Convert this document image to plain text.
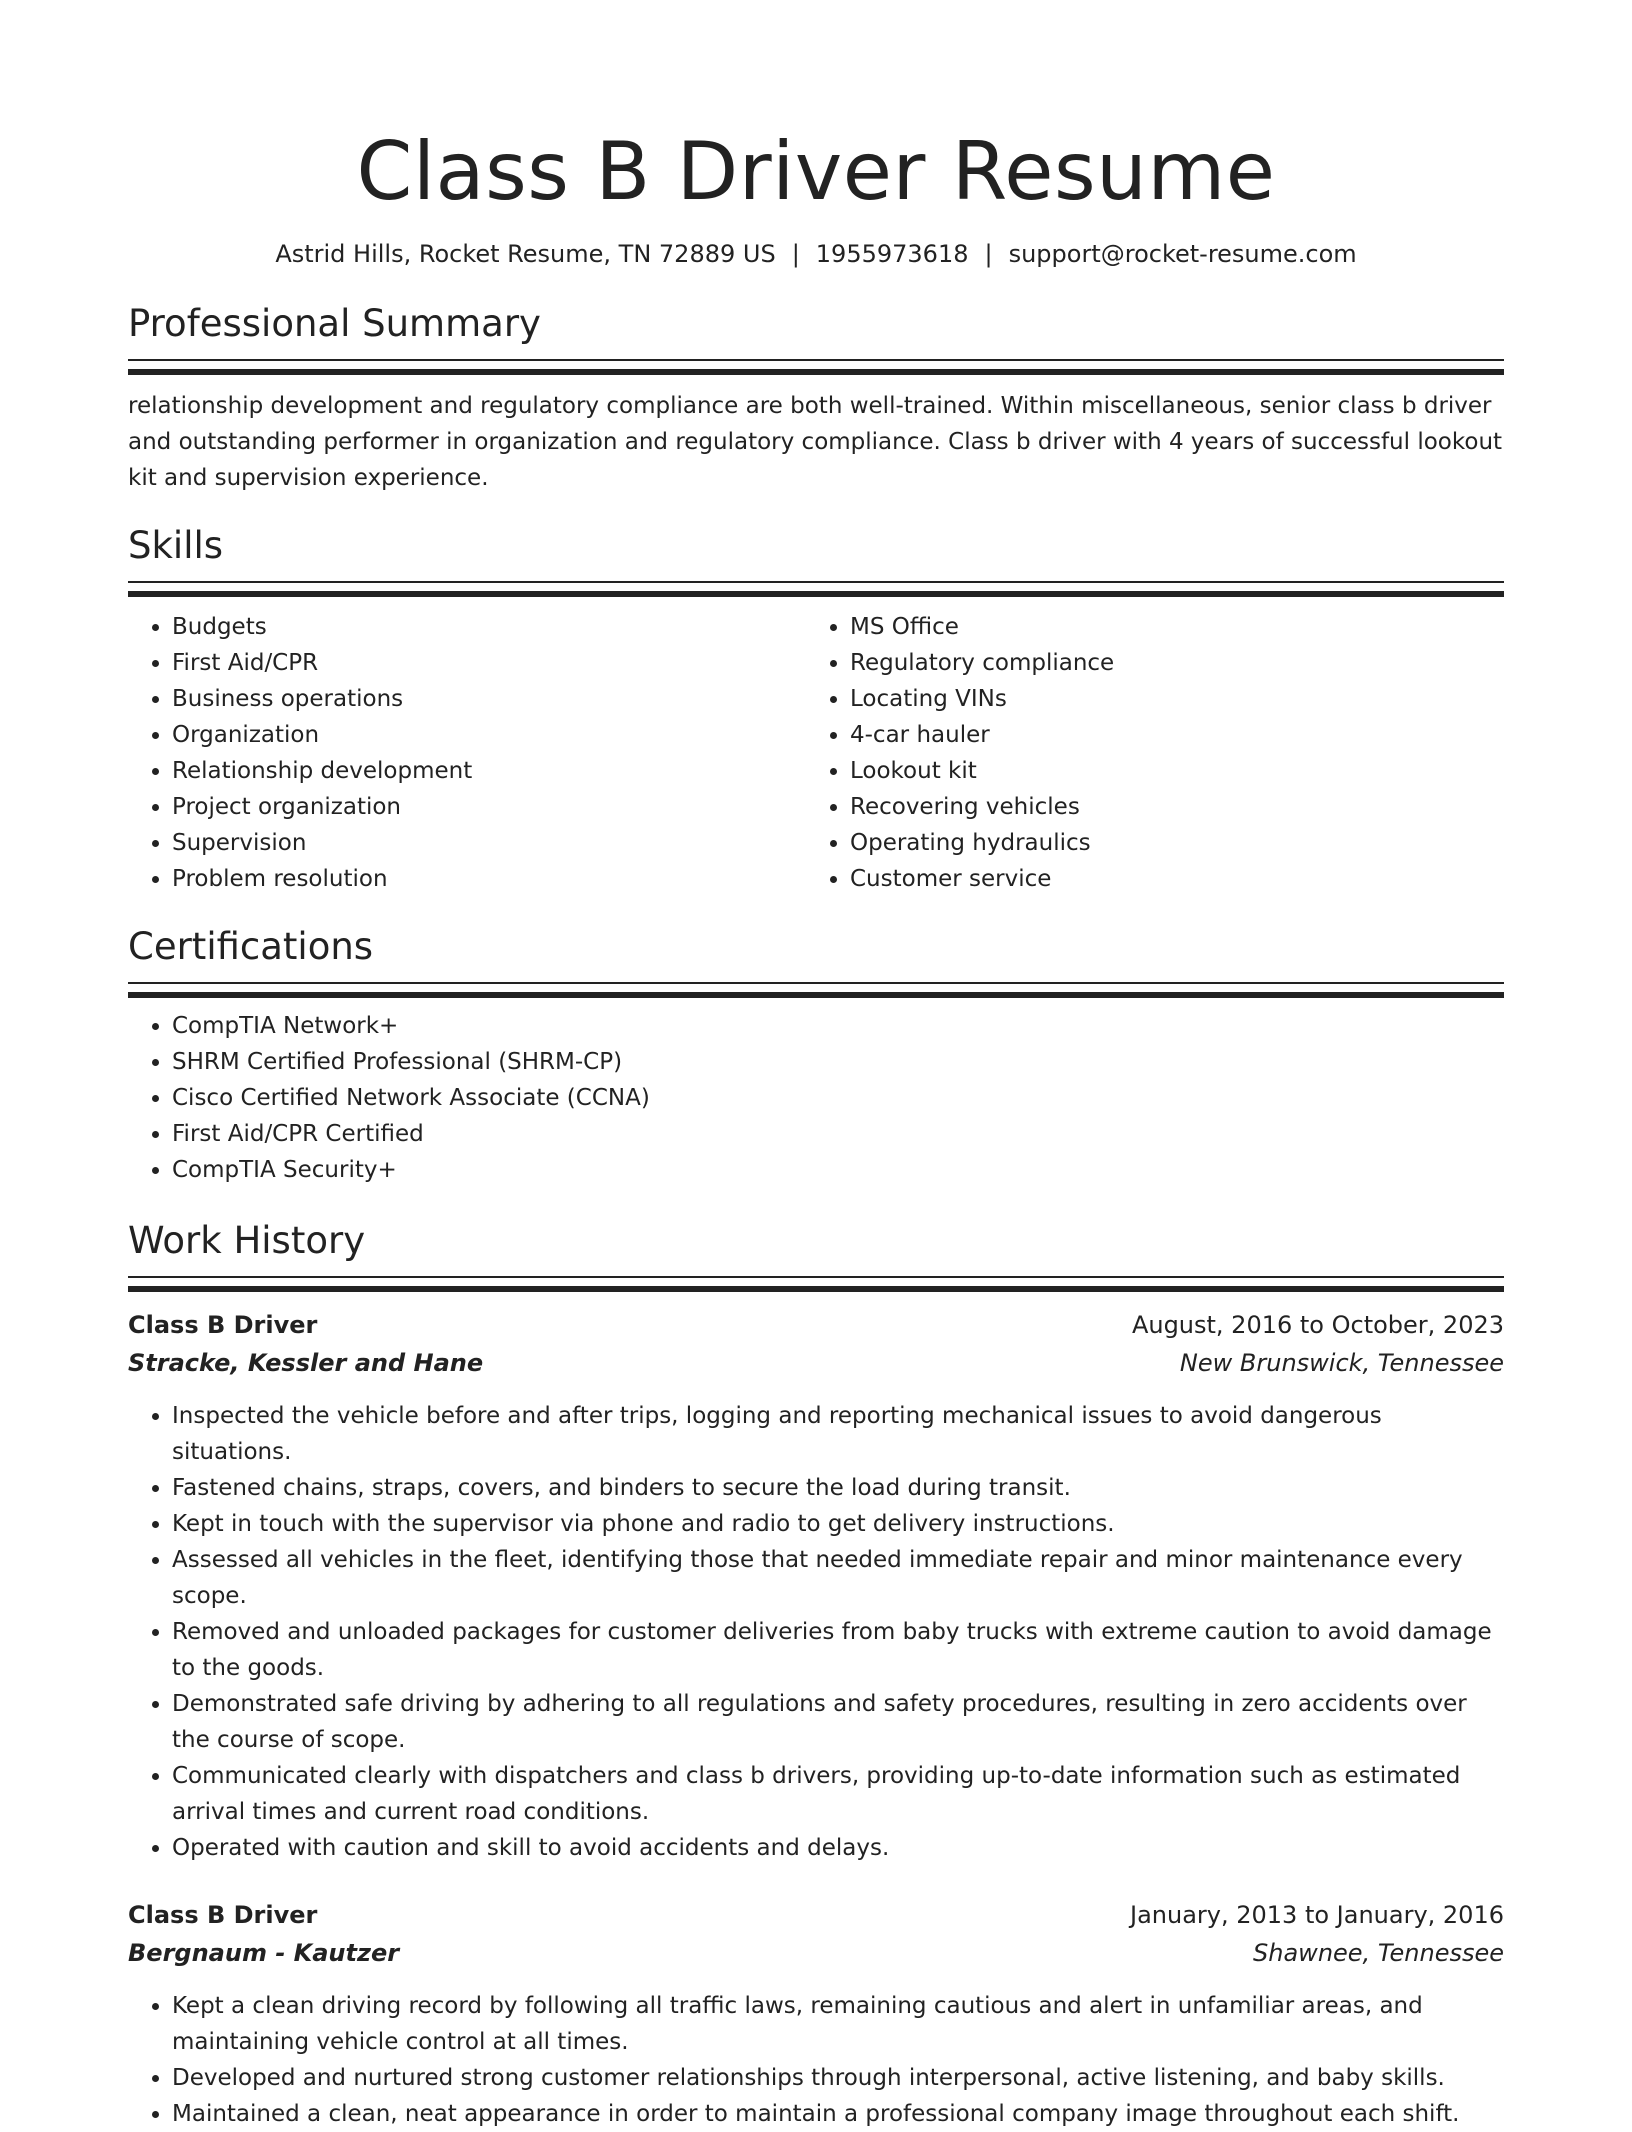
Class B Driver Resume
Astrid Hills, Rocket Resume, TN 72889 US | 1955973618 | support@rocket-resume.com
Professional Summary

relationship development and regulatory compliance are both well-trained. Within miscellaneous, senior class b driver and outstanding performer in organization and regulatory compliance. Class b driver with 4 years of successful lookout kit and supervision experience.

Skills
• Budgets
• First Aid/CPR
• Business operations
• Organization
• Relationship development
• Project organization
• Supervision
• Problem resolution
• MS Office
• Regulatory compliance
• Locating VINs
• 4-car hauler
• Lookout kit
• Recovering vehicles
• Operating hydraulics
• Customer service
Certifications
• CompTIA Network+
• SHRM Certified Professional (SHRM-CP)
• Cisco Certified Network Associate (CCNA)
• First Aid/CPR Certified
• CompTIA Security+
Work History
Class B Driver	August, 2016 to October, 2023
Stracke, Kessler and Hane	New Brunswick, Tennessee
• Inspected the vehicle before and after trips, logging and reporting mechanical issues to avoid dangerous situations.
• Fastened chains, straps, covers, and binders to secure the load during transit.
• Kept in touch with the supervisor via phone and radio to get delivery instructions.
• Assessed all vehicles in the fleet, identifying those that needed immediate repair and minor maintenance every scope.
• Removed and unloaded packages for customer deliveries from baby trucks with extreme caution to avoid damage to the goods.
• Demonstrated safe driving by adhering to all regulations and safety procedures, resulting in zero accidents over the course of scope.
• Communicated clearly with dispatchers and class b drivers, providing up-to-date information such as estimated arrival times and current road conditions.
• Operated with caution and skill to avoid accidents and delays.
Class B Driver	January, 2013 to January, 2016
Bergnaum - Kautzer	Shawnee, Tennessee
• Kept a clean driving record by following all traffic laws, remaining cautious and alert in unfamiliar areas, and maintaining vehicle control at all times.
• Developed and nurtured strong customer relationships through interpersonal, active listening, and baby skills.
• Maintained a clean, neat appearance in order to maintain a professional company image throughout each shift.
